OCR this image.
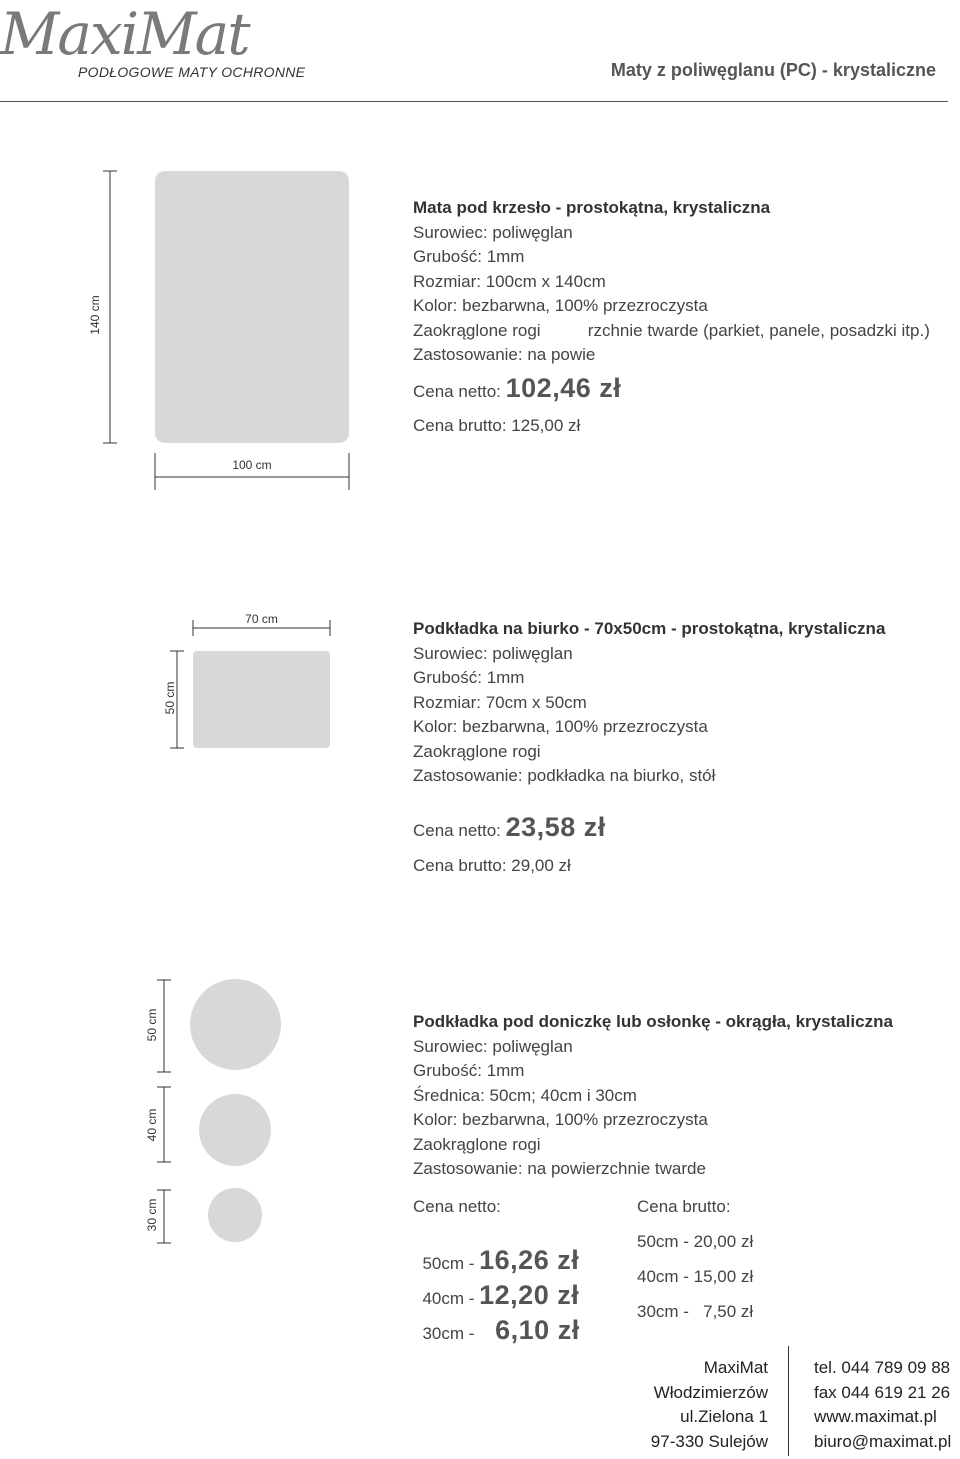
MaxiMat
PODŁOGOWE MATY OCHRONNE	Maty z poliwęglanu (PC) - krystaliczne
140 cm
100 cm
Mata pod krzesło - prostokątna, krystaliczna
Surowiec: poliwęglan
Grubość: 1mm
Rozmiar: 100cm x 140cm
Kolor: bezbarwna, 100% przezroczysta
Zaokrąglone rogi          rzchnie twarde (parkiet, panele, posadzki itp.)
Zastosowanie: na powie
Cena netto: 102,46 zł
Cena brutto: 125,00 zł
70 cm
50 cm
Podkładka na biurko - 70x50cm - prostokątna, krystaliczna
Surowiec: poliwęglan
Grubość: 1mm
Rozmiar: 70cm x 50cm
Kolor: bezbarwna, 100% przezroczysta
Zaokrąglone rogi
Zastosowanie: podkładka na biurko, stół
Cena netto: 23,58 zł
Cena brutto: 29,00 zł
50 cm
40 cm
30 cm
Podkładka pod doniczkę lub osłonkę - okrągła, krystaliczna
Surowiec: poliwęglan
Grubość: 1mm
Średnica: 50cm; 40cm i 30cm
Kolor: bezbarwna, 100% przezroczysta
Zaokrąglone rogi
Zastosowanie: na powierzchnie twarde
Cena netto:	Cena brutto:

50cm - 16,26 zł

50cm - 20,00 zł

40cm - 12,20 zł

40cm - 15,00 zł

30cm - 6,10 zł

30cm -   7,50 zł
MaxiMat
Włodzimierzów
ul.Zielona 1
97-330 Sulejów
tel. 044 789 09 88
fax 044 619 21 26
www.maximat.pl
biuro@maximat.pl
